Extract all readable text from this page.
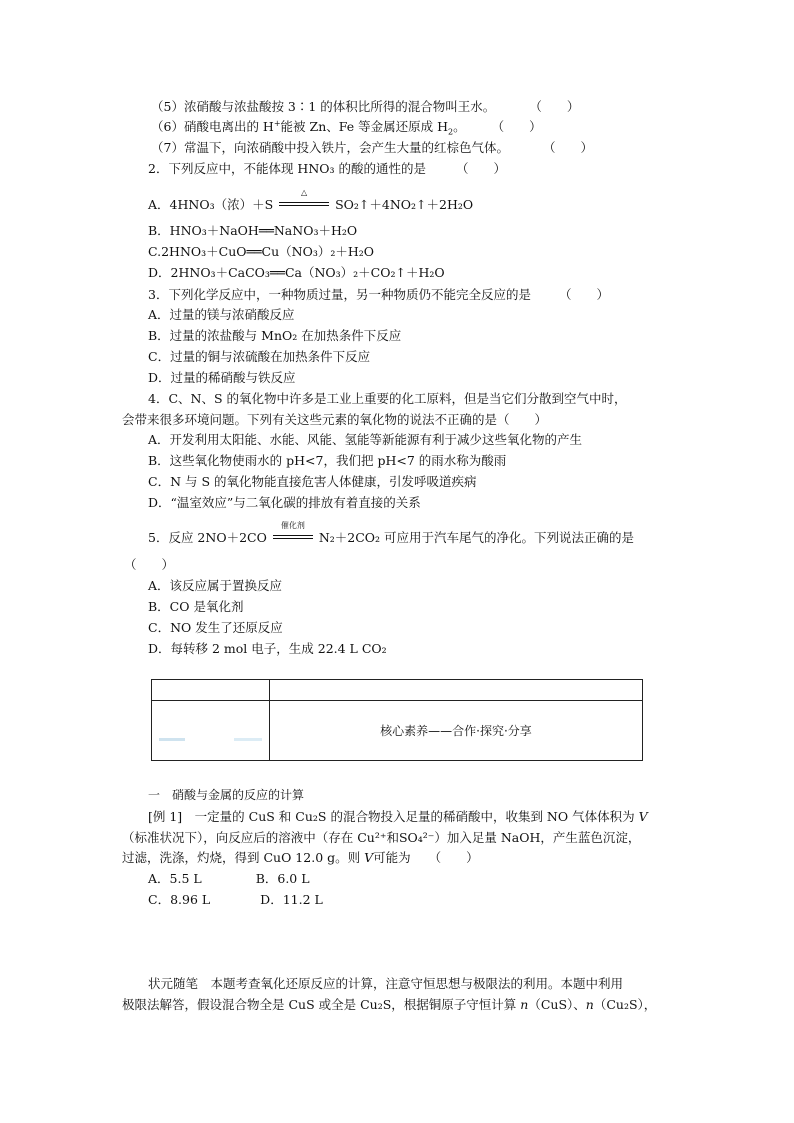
（5）浓硝酸与浓盐酸按 3∶1 的体积比所得的混合物叫王水。	（　　）
（6）硝酸电离出的 H+能被 Zn、Fe 等金属还原成 $H_2$。 （　　）
（7）常温下，向浓硝酸中投入铁片，会产生大量的红棕色气体。	（　　）
2．下列反应中，不能体现 HNO₃ 的酸的通性的是 （　　）
A．4HNO₃（浓）＋S
△
SO₂↑＋4NO₂↑＋2H₂O
B．HNO₃＋NaOH══NaNO₃＋H₂O
C.2HNO₃＋CuO══Cu（NO₃）₂＋H₂O
D．2HNO₃＋CaCO₃══Ca（NO₃）₂＋CO₂↑＋H₂O
3．下列化学反应中，一种物质过量，另一种物质仍不能完全反应的是 （　　）
A．过量的镁与浓硝酸反应
B．过量的浓盐酸与 MnO₂ 在加热条件下反应
C．过量的铜与浓硫酸在加热条件下反应
D．过量的稀硝酸与铁反应
4．C、N、S 的氧化物中许多是工业上重要的化工原料，但是当它们分散到空气中时，
会带来很多环境问题。下列有关这些元素的氧化物的说法不正确的是（　　）
A．开发利用太阳能、水能、风能、氢能等新能源有利于减少这些氧化物的产生
B．这些氧化物使雨水的 pH<7，我们把 pH<7 的雨水称为酸雨
C．N 与 S 的氧化物能直接危害人体健康，引发呼吸道疾病
D．“温室效应”与二氧化碳的排放有着直接的关系
5．反应 2NO＋2CO
催化剂
N₂＋2CO₂ 可应用于汽车尾气的净化。下列说法正确的是
（　　）
A．该反应属于置换反应
B．CO 是氧化剂
C．NO 发生了还原反应
D．每转移 2 mol 电子，生成 22.4 L CO₂
核心素养——合作·探究·分享
一　硝酸与金属的反应的计算
[例 1]　一定量的 CuS 和 Cu₂S 的混合物投入足量的稀硝酸中，收集到 NO 气体体积为 V
（标准状况下），向反应后的溶液中（存在 Cu²⁺和SO₄²⁻）加入足量 NaOH，产生蓝色沉淀，
过滤，洗涤，灼烧，得到 CuO 12.0 g。则 V可能为 （　　）
A．5.5 L	B．6.0 L
C．8.96 L	D．11.2 L
状元随笔　本题考查氧化还原反应的计算，注意守恒思想与极限法的利用。本题中利用
极限法解答，假设混合物全是 CuS 或全是 Cu₂S，根据铜原子守恒计算 n（CuS）、n（Cu₂S），
